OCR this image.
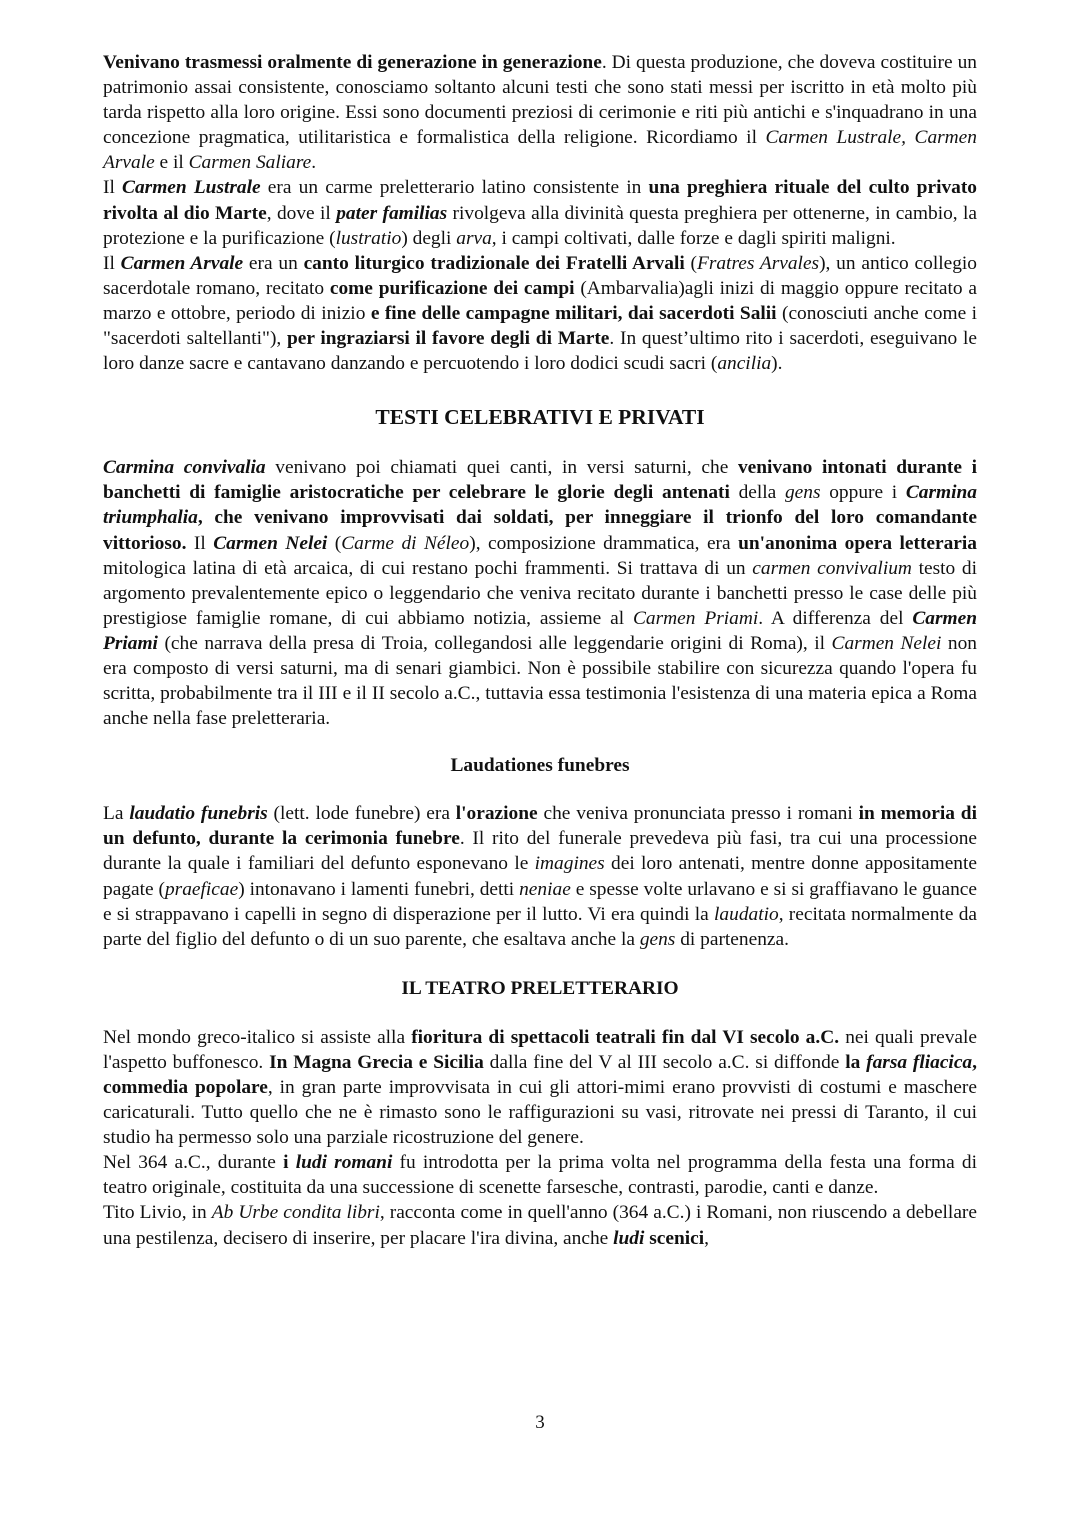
Venivano trasmessi oralmente di generazione in generazione. Di questa produzione, che doveva costituire un patrimonio assai consistente, conosciamo soltanto alcuni testi che sono stati messi per iscritto in età molto più tarda rispetto alla loro origine. Essi sono documenti preziosi di cerimonie e riti più antichi e s'inquadrano in una concezione pragmatica, utilitaristica e formalistica della religione. Ricordiamo il Carmen Lustrale, Carmen Arvale e il Carmen Saliare.

Il Carmen Lustrale era un carme preletterario latino consistente in una preghiera rituale del culto privato rivolta al dio Marte, dove il pater familias rivolgeva alla divinità questa preghiera per ottenerne, in cambio, la protezione e la purificazione (lustratio) degli arva, i campi coltivati, dalle forze e dagli spiriti maligni.

Il Carmen Arvale era un canto liturgico tradizionale dei Fratelli Arvali (Fratres Arvales), un antico collegio sacerdotale romano, recitato come purificazione dei campi (Ambarvalia)agli inizi di maggio oppure recitato a marzo e ottobre, periodo di inizio e fine delle campagne militari, dai sacerdoti Salii (conosciuti anche come i "sacerdoti saltellanti"), per ingraziarsi il favore degli di Marte. In quest’ultimo rito i sacerdoti, eseguivano le loro danze sacre e cantavano danzando e percuotendo i loro dodici scudi sacri (ancilia).

TESTI CELEBRATIVI E PRIVATI

Carmina convivalia venivano poi chiamati quei canti, in versi saturni, che venivano intonati durante i banchetti di famiglie aristocratiche per celebrare le glorie degli antenati della gens oppure i Carmina triumphalia, che venivano improvvisati dai soldati, per inneggiare il trionfo del loro comandante vittorioso. Il Carmen Nelei (Carme di Néleo), composizione drammatica, era un'anonima opera letteraria mitologica latina di età arcaica, di cui restano pochi frammenti. Si trattava di un carmen convivalium testo di argomento prevalentemente epico o leggendario che veniva recitato durante i banchetti presso le case delle più prestigiose famiglie romane, di cui abbiamo notizia, assieme al Carmen Priami. A differenza del Carmen Priami (che narrava della presa di Troia, collegandosi alle leggendarie origini di Roma), il Carmen Nelei non era composto di versi saturni, ma di senari giambici. Non è possibile stabilire con sicurezza quando l'opera fu scritta, probabilmente tra il III e il II secolo a.C., tuttavia essa testimonia l'esistenza di una materia epica a Roma anche nella fase preletteraria.

Laudationes funebres

La laudatio funebris (lett. lode funebre) era l'orazione che veniva pronunciata presso i romani in memoria di un defunto, durante la cerimonia funebre. Il rito del funerale prevedeva più fasi, tra cui una processione durante la quale i familiari del defunto esponevano le imagines dei loro antenati, mentre donne appositamente pagate (praeficae) intonavano i lamenti funebri, detti neniae e spesse volte urlavano e si si graffiavano le guance e si strappavano i capelli in segno di disperazione per il lutto. Vi era quindi la laudatio, recitata normalmente da parte del figlio del defunto o di un suo parente, che esaltava anche la gens di partenenza.

IL TEATRO PRELETTERARIO

Nel mondo greco-italico si assiste alla fioritura di spettacoli teatrali fin dal VI secolo a.C. nei quali prevale l'aspetto buffonesco. In Magna Grecia e Sicilia dalla fine del V al III secolo a.C. si diffonde la farsa fliacica, commedia popolare, in gran parte improvvisata in cui gli attori-mimi erano provvisti di costumi e maschere caricaturali. Tutto quello che ne è rimasto sono le raffigurazioni su vasi, ritrovate nei pressi di Taranto, il cui studio ha permesso solo una parziale ricostruzione del genere.

Nel 364 a.C., durante i ludi romani fu introdotta per la prima volta nel programma della festa una forma di teatro originale, costituita da una successione di scenette farsesche, contrasti, parodie, canti e danze.

Tito Livio, in Ab Urbe condita libri, racconta come in quell'anno (364 a.C.) i Romani, non riuscendo a debellare una pestilenza, decisero di inserire, per placare l'ira divina, anche ludi scenici,

3
